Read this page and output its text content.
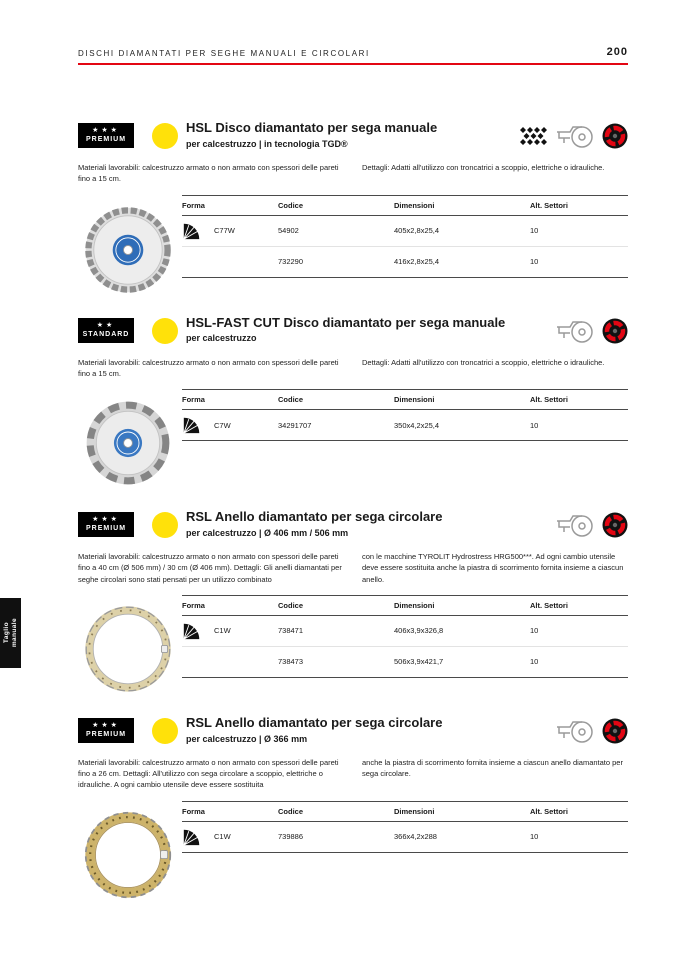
Taglio manuale
DISCHI DIAMANTATI PER SEGHE MANUALI E CIRCOLARI	200
★★★
PREMIUM
HSL Disco diamantato per sega manuale
per calcestruzzo | in tecnologia TGD®

Materiali lavorabili: calcestruzzo armato o non armato con spessori delle pareti fino a 15 cm.

Dettagli: Adatti all'utilizzo con troncatrici a scoppio, elettriche o idrauliche.

Forma	Codice	Dimensioni	Alt. Settori

C77W	54902	405x2,8x25,4	10

	732290	416x2,8x25,4	10
★★
STANDARD
HSL-FAST CUT Disco diamantato per sega manuale
per calcestruzzo

Materiali lavorabili: calcestruzzo armato o non armato con spessori delle pareti fino a 15 cm.

Dettagli: Adatti all'utilizzo con troncatrici a scoppio, elettriche o idrauliche.

Forma	Codice	Dimensioni	Alt. Settori

C7W	34291707	350x4,2x25,4	10
★★★
PREMIUM
RSL Anello diamantato per sega circolare
per calcestruzzo | Ø 406 mm / 506 mm

Materiali lavorabili: calcestruzzo armato o non armato con spessori delle pareti fino a 40 cm (Ø 506 mm) / 30 cm (Ø 406 mm). Dettagli: Gli anelli diamantati per seghe circolari sono stati pensati per un utilizzo combinato

con le macchine TYROLIT Hydrostress HRG500***. Ad ogni cambio utensile deve essere sostituita anche la piastra di scorrimento fornita insieme a ciascun anello.

Forma	Codice	Dimensioni	Alt. Settori

C1W	738471	406x3,9x326,8	10

	738473	506x3,9x421,7	10
★★★
PREMIUM
RSL Anello diamantato per sega circolare
per calcestruzzo | Ø 366 mm

Materiali lavorabili: calcestruzzo armato o non armato con spessori delle pareti fino a 26 cm. Dettagli: All'utilizzo con sega circolare a scoppio, elettriche o idrauliche. A ogni cambio utensile deve essere sostituita

anche la piastra di scorrimento fornita insieme a ciascun anello diamantato per sega circolare.

Forma	Codice	Dimensioni	Alt. Settori

C1W	739886	366x4,2x288	10
